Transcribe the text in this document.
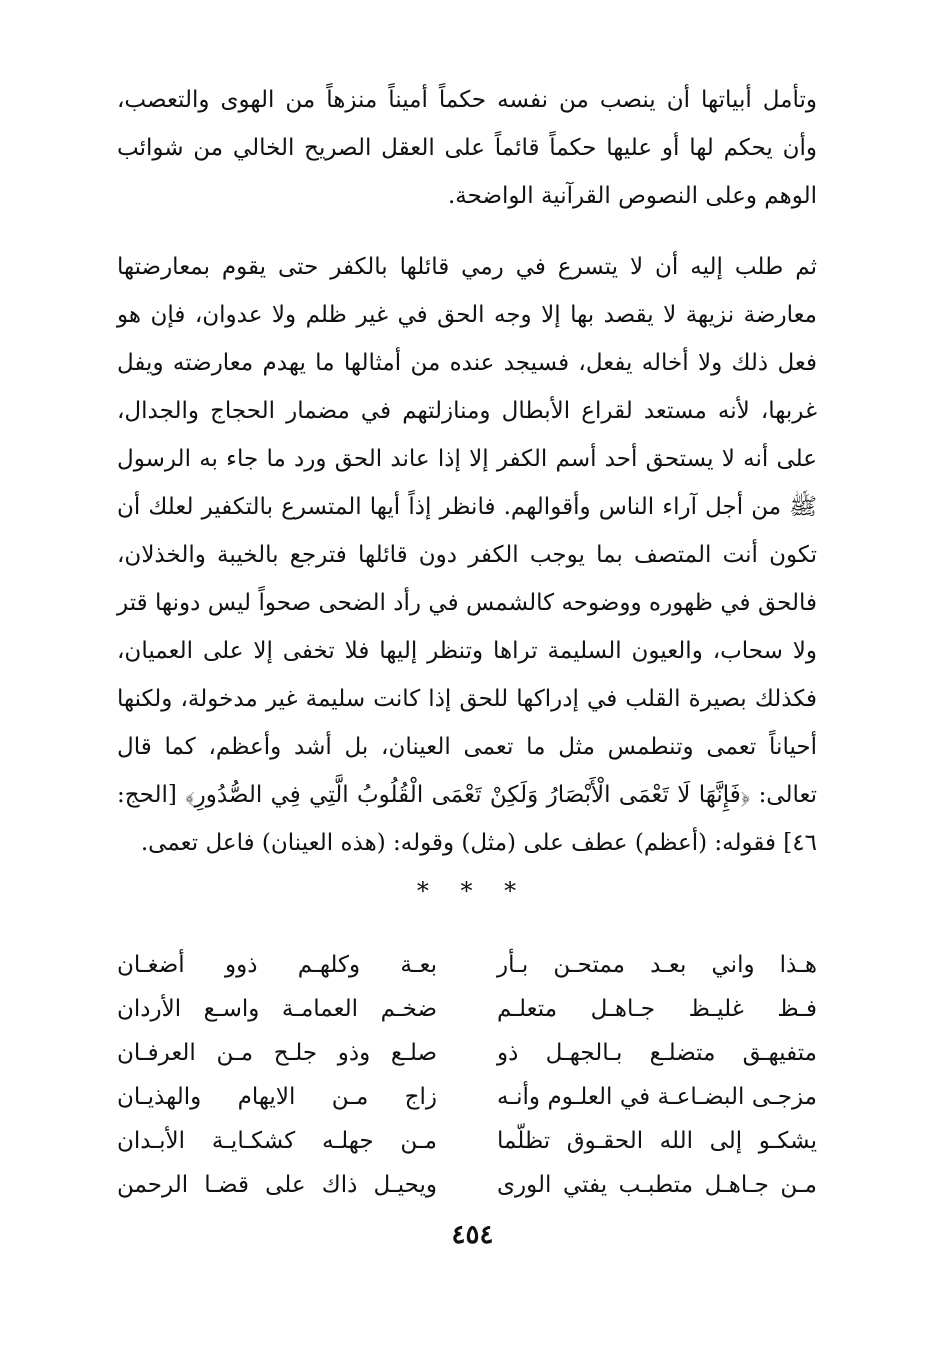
وتأمل أبياتها أن ينصب من نفسه حكماً أميناً منزهاً من الهوى والتعصب، وأن يحكم لها أو عليها حكماً قائماً على العقل الصريح الخالي من شوائب الوهم وعلى النصوص القرآنية الواضحة.

ثم طلب إليه أن لا يتسرع في رمي قائلها بالكفر حتى يقوم بمعارضتها معارضة نزيهة لا يقصد بها إلا وجه الحق في غير ظلم ولا عدوان، فإن هو فعل ذلك ولا أخاله يفعل، فسيجد عنده من أمثالها ما يهدم معارضته ويفل غربها، لأنه مستعد لقراع الأبطال ومنازلتهم في مضمار الحجاج والجدال، على أنه لا يستحق أحد أسم الكفر إلا إذا عاند الحق ورد ما جاء به الرسول ﷺ من أجل آراء الناس وأقوالهم. فانظر إذاً أيها المتسرع بالتكفير لعلك أن تكون أنت المتصف بما يوجب الكفر دون قائلها فترجع بالخيبة والخذلان، فالحق في ظهوره ووضوحه كالشمس في رأد الضحى صحواً ليس دونها قتر ولا سحاب، والعيون السليمة تراها وتنظر إليها فلا تخفى إلا على العميان، فكذلك بصيرة القلب في إدراكها للحق إذا كانت سليمة غير مدخولة، ولكنها أحياناً تعمى وتنطمس مثل ما تعمى العينان، بل أشد وأعظم، كما قال تعالى: ﴿فَإِنَّهَا لَا تَعْمَى الْأَبْصَارُ وَلَكِنْ تَعْمَى الْقُلُوبُ الَّتِي فِي الصُّدُورِ﴾ [الحج: ٤٦] فقوله: (أعظم) عطف على (مثل) وقوله: (هذه العينان) فاعل تعمى.

* * *
هـذا واني بعـد ممتحـن بـأر
بعـة وكلهـم ذوو أضغـان
فـظ غليـظ جـاهـل متعلـم
ضخـم العمامـة واسـع الأردان
متفيهـق متضلـع بـالجهـل ذو
صلـع وذو جلـح مـن العرفـان
مزجـى البضـاعـة في العلـوم وأنـه
زاج مـن الايهام والهذيـان
يشكـو إلى الله الحقـوق تظلّما
مـن جهلـه كشكـايـة الأبـدان
مـن جـاهـل متطبـب يفتي الورى
ويحيـل ذاك على قضـا الرحمن
٤٥٤
